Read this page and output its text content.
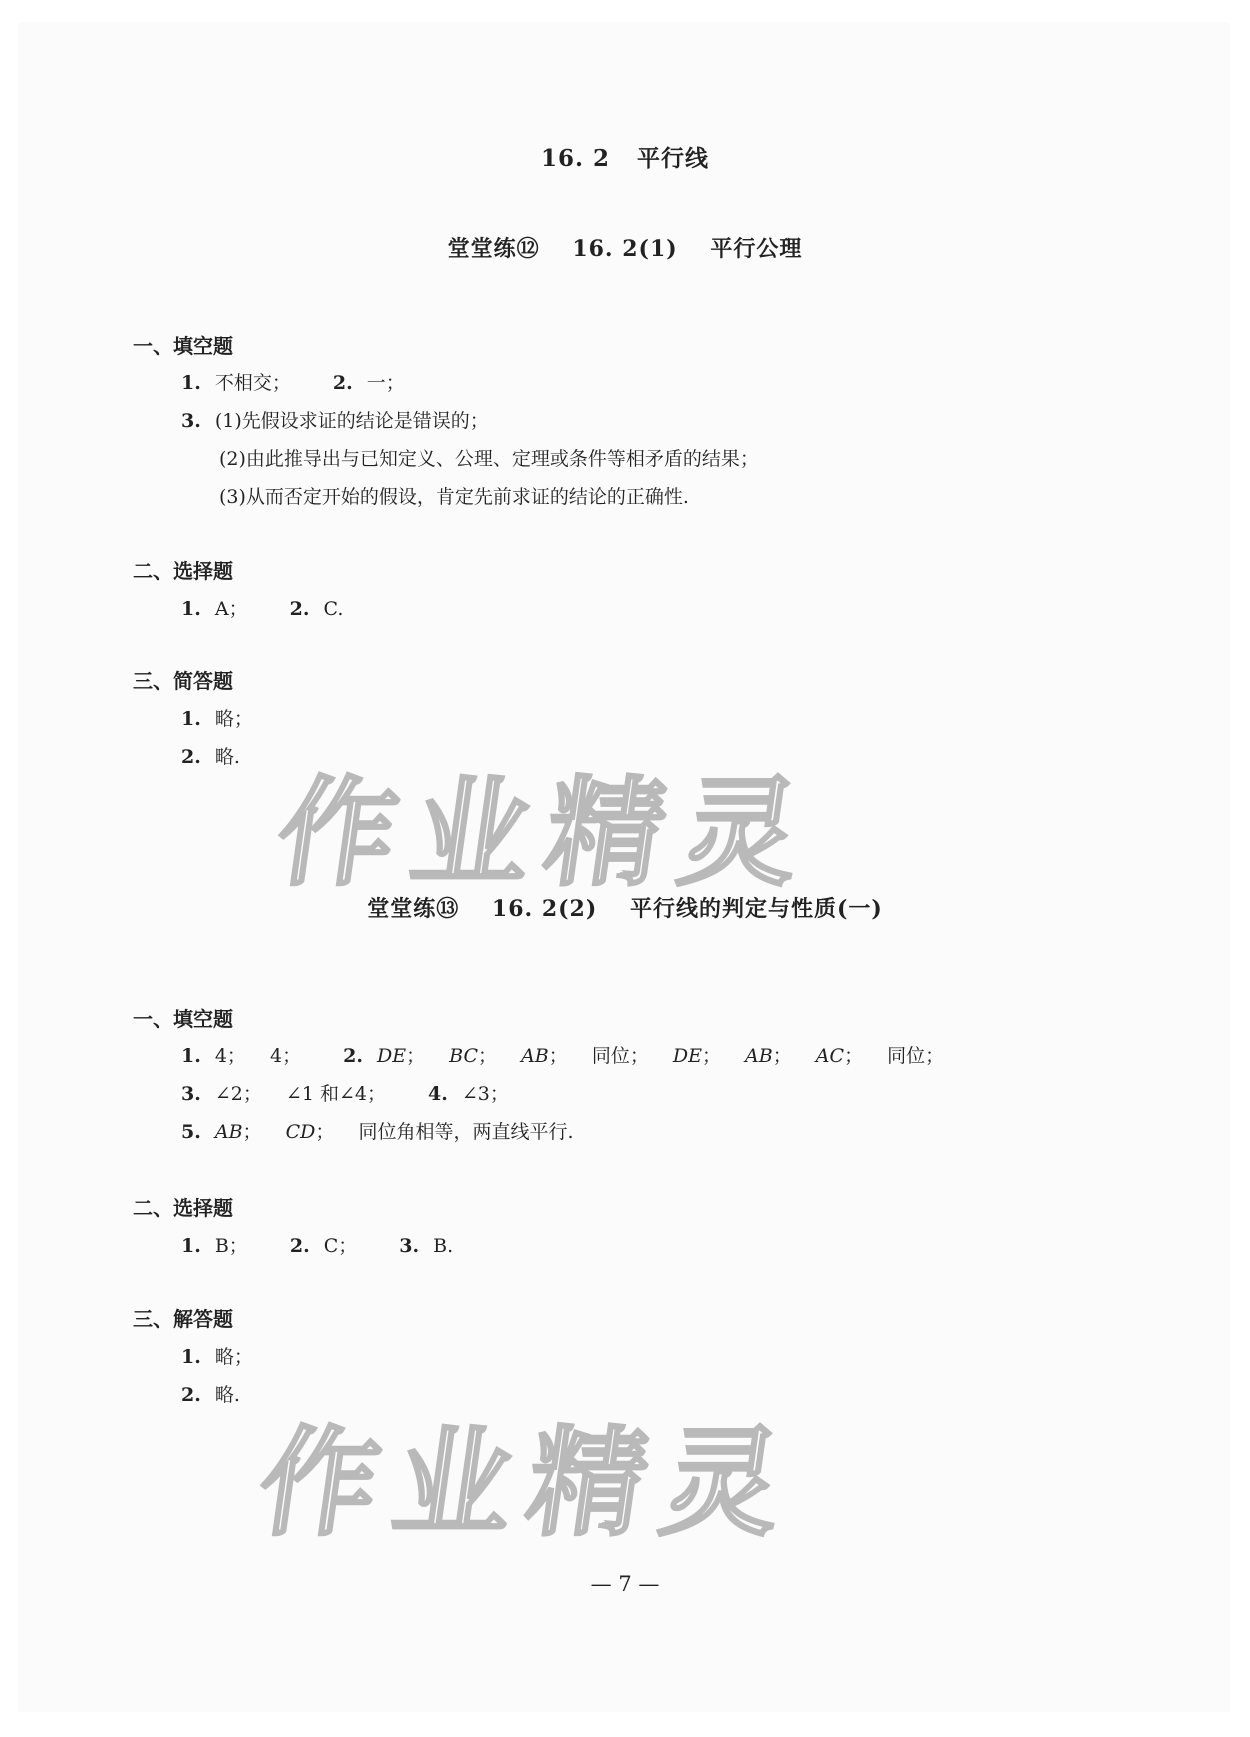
16. 2 平行线
堂堂练⑫ 16. 2(1) 平行公理
一、填空题
1. 不相交； 2. 一；
3. (1)先假设求证的结论是错误的；
(2)由此推导出与已知定义、公理、定理或条件等相矛盾的结果；
(3)从而否定开始的假设，肯定先前求证的结论的正确性.
二、选择题
1. A； 2. C.
三、简答题
1. 略；
2. 略.
作业精灵
堂堂练⑬ 16. 2(2) 平行线的判定与性质(一)
一、填空题
1. 4； 4； 2. DE； BC； AB； 同位； DE； AB； AC； 同位；
3. ∠2； ∠1 和∠4； 4. ∠3；
5. AB； CD； 同位角相等，两直线平行.
二、选择题
1. B； 2. C； 3. B.
三、解答题
1. 略；
2. 略.
作业精灵
— 7 —
